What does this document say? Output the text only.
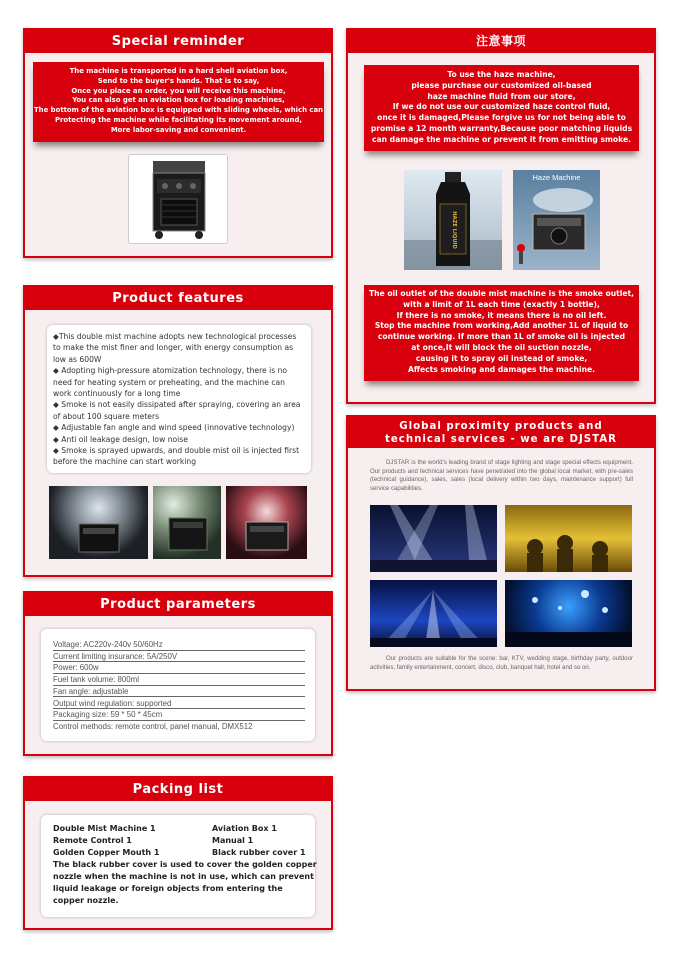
Special reminder
The machine is transported in a hard shell aviation box,
Send to the buyer's hands. That is to say,
Once you place an order, you will receive this machine,
You can also get an aviation box for loading machines,
The bottom of the aviation box is equipped with sliding wheels, which can
Protecting the machine while facilitating its movement around,
More labor-saving and convenient.
注意事项
To use the haze machine,
please purchase our customized oil-based
haze machine fluid from our store,
If we do not use our customized haze control fluid,
once it is damaged,Please forgive us for not being able to
promise a 12 month warranty,Because poor matching liquids
can damage the machine or prevent it from emitting smoke.
HAZE LIQUID
Haze Machine
The oil outlet of the double mist machine is the smoke outlet,
with a limit of 1L each time (exactly 1 bottle),
If there is no smoke, it means there is no oil left.
Stop the machine from working,Add another 1L of liquid to
continue working. If more than 1L of smoke oil is injected
at once,It will block the oil suction nozzle,
causing it to spray oil instead of smoke,
Affects smoking and damages the machine.
Product features

◆This double mist machine adopts new technological processes to make the mist finer and longer, with energy consumption as low as 600W

◆ Adopting high-pressure atomization technology, there is no need for heating system or preheating, and the machine can work continuously for a long time

◆ Smoke is not easily dissipated after spraying, covering an area of about 100 square meters

◆ Adjustable fan angle and wind speed (innovative technology)

◆ Anti oil leakage design, low noise

◆ Smoke is sprayed upwards, and double mist oil is injected first before the machine can start working

Global proximity products and
technical services - we are DJSTAR
DJSTAR is the world's leading brand of stage lighting and stage special effects equipment. Our products and technical services have penetrated into the global local market, with pre-sales (technical guidance), sales, sales (local delivery within two days, maintenance support) full service capabilities.
Our products are suitable for the scene: bar, KTV, wedding stage, birthday party, outdoor activities, family entertainment, concert, disco, club, banquet hall, hotel and so on.
Product parameters
Voltage: AC220v-240v 50/60Hz
Current limiting insurance: 5A/250V
Power: 600w
Fuel tank volume: 800ml
Fan angle: adjustable
Output wind regulation: supported
Packaging size: 59 * 50 * 45cm
Control methods: remote control, panel manual, DMX512
Packing list
Double Mist Machine 1
Remote Control 1
Golden Copper Mouth 1
Aviation Box 1
Manual 1
Black rubber cover 1
The black rubber cover is used to cover the golden copper
nozzle when the machine is not in use, which can prevent
liquid leakage or foreign objects from entering the
copper nozzle.
